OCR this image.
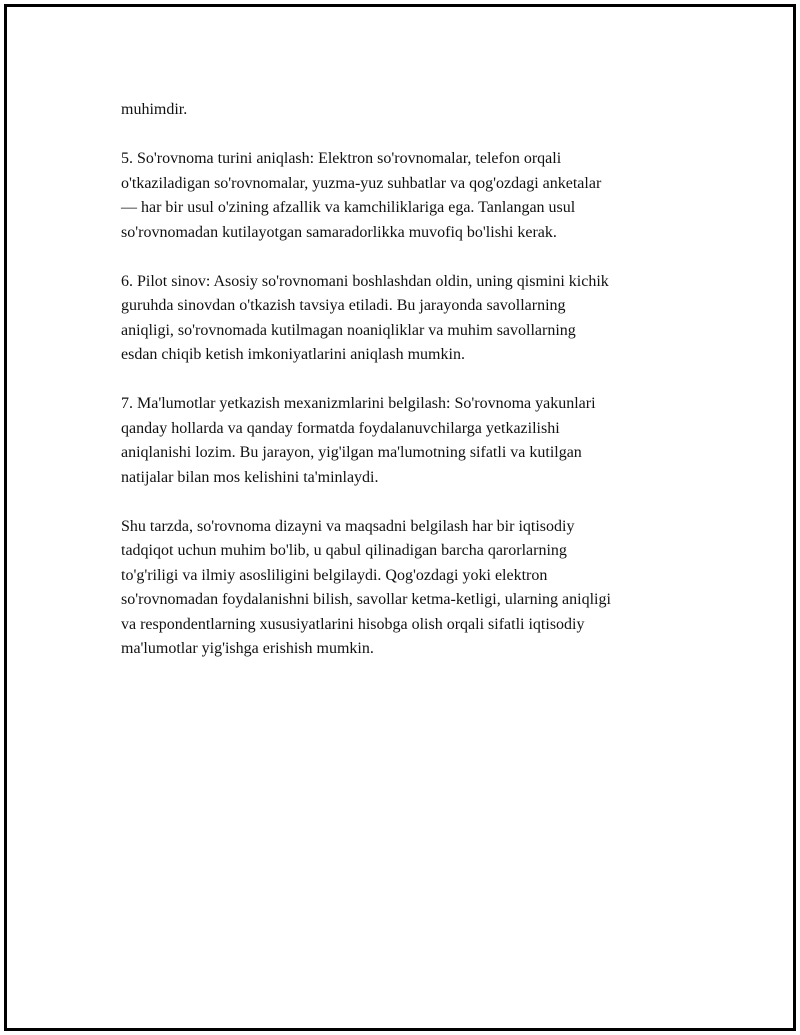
muhimdir.

5. So'rovnoma turini aniqlash: Elektron so'rovnomalar, telefon orqali
o'tkaziladigan so'rovnomalar, yuzma-yuz suhbatlar va qog'ozdagi anketalar
— har bir usul o'zining afzallik va kamchiliklariga ega. Tanlangan usul
so'rovnomadan kutilayotgan samaradorlikka muvofiq bo'lishi kerak.

6. Pilot sinov: Asosiy so'rovnomani boshlashdan oldin, uning qismini kichik
guruhda sinovdan o'tkazish tavsiya etiladi. Bu jarayonda savollarning
aniqligi, so'rovnomada kutilmagan noaniqliklar va muhim savollarning
esdan chiqib ketish imkoniyatlarini aniqlash mumkin.

7. Ma'lumotlar yetkazish mexanizmlarini belgilash: So'rovnoma yakunlari
qanday hollarda va qanday formatda foydalanuvchilarga yetkazilishi
aniqlanishi lozim. Bu jarayon, yig'ilgan ma'lumotning sifatli va kutilgan
natijalar bilan mos kelishini ta'minlaydi.

Shu tarzda, so'rovnoma dizayni va maqsadni belgilash har bir iqtisodiy
tadqiqot uchun muhim bo'lib, u qabul qilinadigan barcha qarorlarning
to'g'riligi va ilmiy asosliligini belgilaydi. Qog'ozdagi yoki elektron
so'rovnomadan foydalanishni bilish, savollar ketma-ketligi, ularning aniqligi
va respondentlarning xususiyatlarini hisobga olish orqali sifatli iqtisodiy
ma'lumotlar yig'ishga erishish mumkin.
